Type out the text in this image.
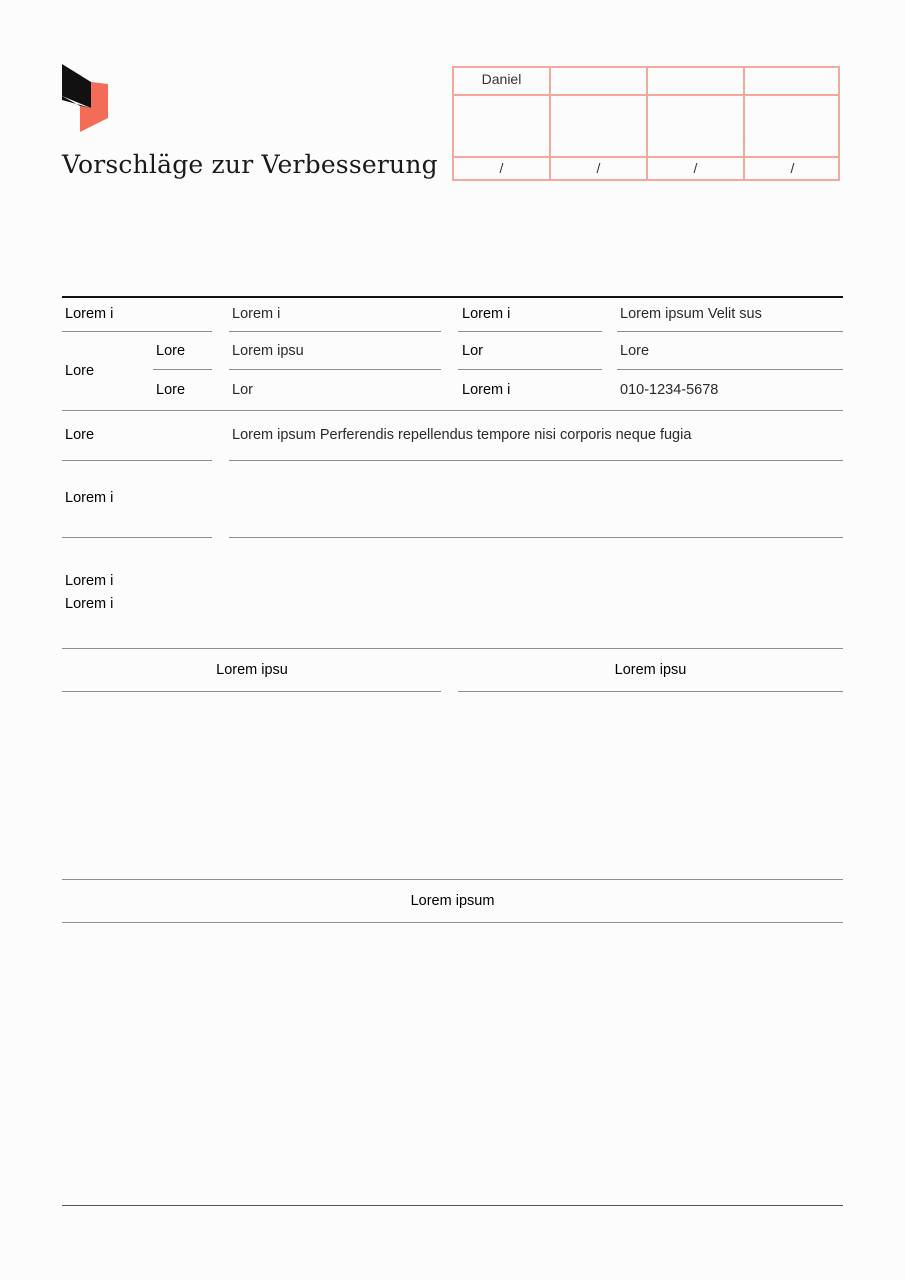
Vorschläge zur Verbesserung
Daniel
/	/	/	/
Lorem i	Lorem i	Lorem i	Lorem ipsum Velit sus
Lore
Lore	Lorem ipsu	Lor	Lore
Lore	Lor	Lorem i	010-1234-5678
Lore	Lorem ipsum Perferendis repellendus tempore nisi corporis neque fugia
Lorem i
Lorem i
Lorem i
Lorem ipsu	Lorem ipsu
Lorem ipsum
